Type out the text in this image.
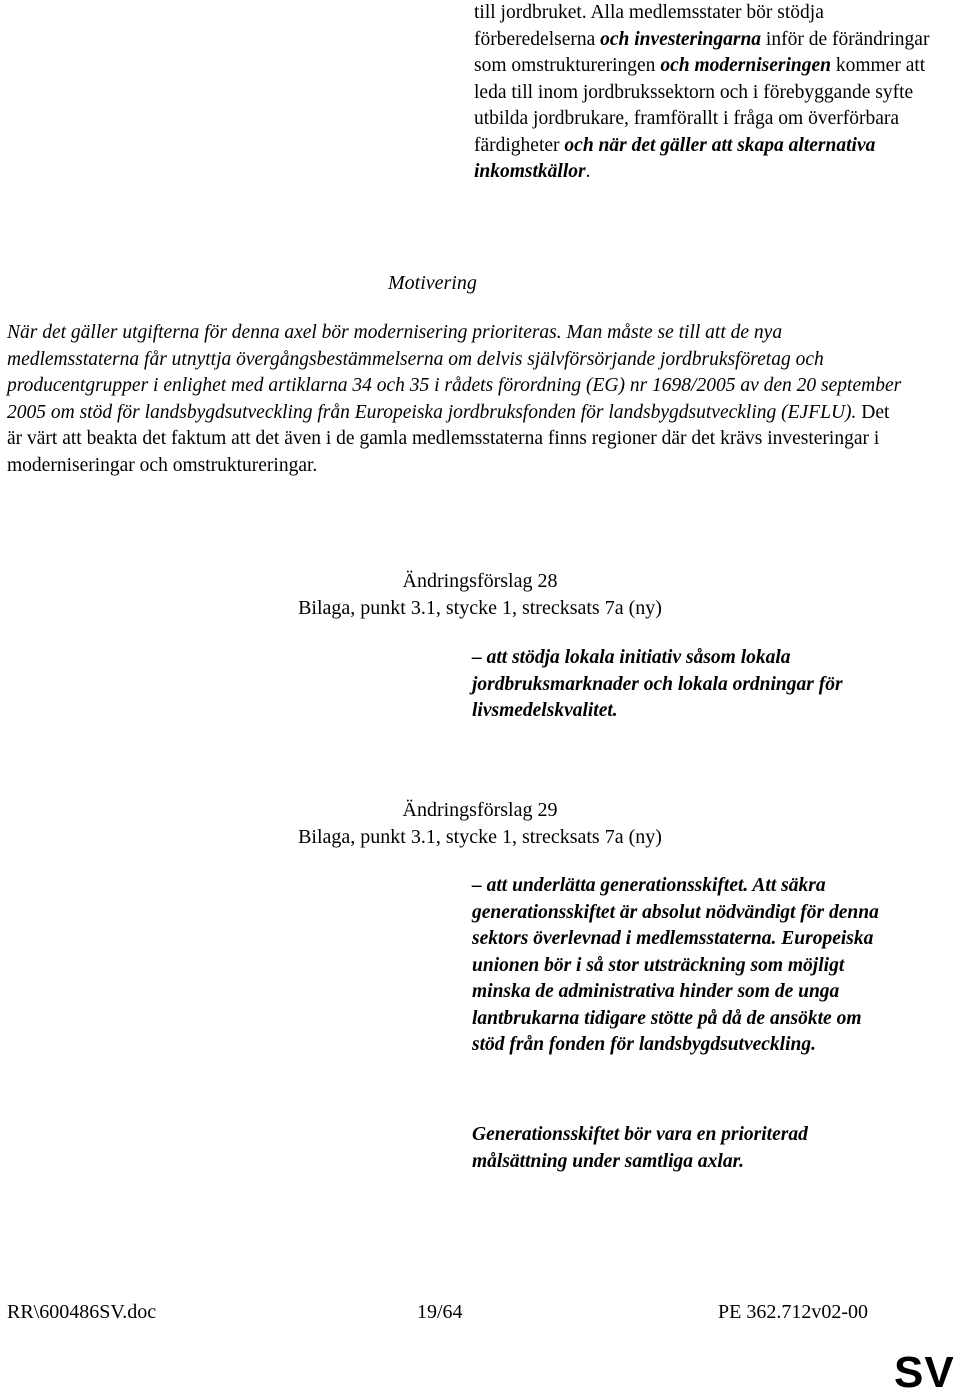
till jordbruket. Alla medlemsstater bör stödja förberedelserna och investeringarna inför de förändringar som omstruktureringen och moderniseringen kommer att leda till inom jordbrukssektorn och i förebyggande syfte utbilda jordbrukare, framförallt i fråga om överförbara färdigheter och när det gäller att skapa alternativa inkomstkällor.
Motivering
När det gäller utgifterna för denna axel bör modernisering prioriteras. Man måste se till att de nya medlemsstaterna får utnyttja övergångsbestämmelserna om delvis självförsörjande jordbruksföretag och producentgrupper i enlighet med artiklarna 34 och 35 i rådets förordning (EG) nr 1698/2005 av den 20 september 2005 om stöd för landsbygdsutveckling från Europeiska jordbruksfonden för landsbygdsutveckling (EJFLU). Det är värt att beakta det faktum att det även i de gamla medlemsstaterna finns regioner där det krävs investeringar i moderniseringar och omstruktureringar.
Ändringsförslag 28
Bilaga, punkt 3.1, stycke 1, strecksats 7a (ny)
– att stödja lokala initiativ såsom lokala jordbruksmarknader och lokala ordningar för livsmedelskvalitet.
Ändringsförslag 29
Bilaga, punkt 3.1, stycke 1, strecksats 7a (ny)
– att underlätta generationsskiftet. Att säkra generationsskiftet är absolut nödvändigt för denna sektors överlevnad i medlemsstaterna. Europeiska unionen bör i så stor utsträckning som möjligt minska de administrativa hinder som de unga lantbrukarna tidigare stötte på då de ansökte om stöd från fonden för landsbygdsutveckling.
Generationsskiftet bör vara en prioriterad målsättning under samtliga axlar.
RR\600486SV.doc	19/64	PE 362.712v02-00
SV
